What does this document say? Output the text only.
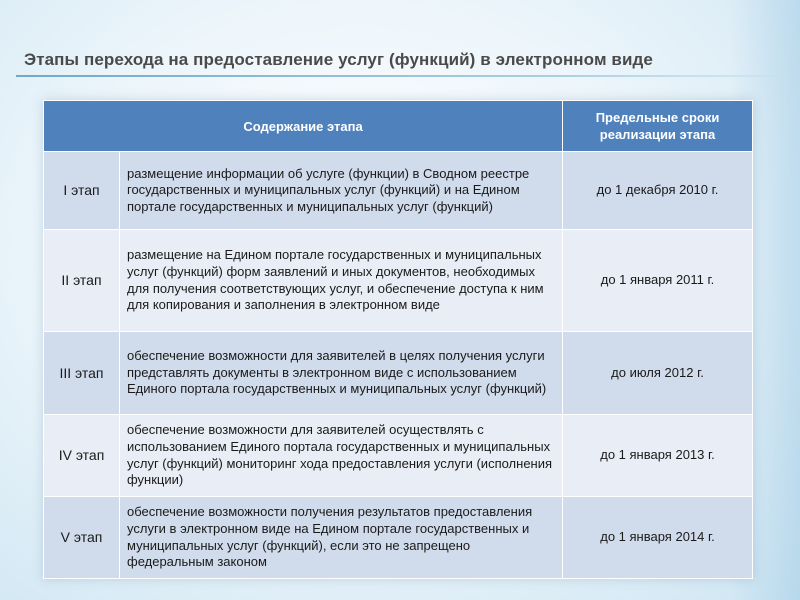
Этапы перехода на предоставление услуг (функций) в электронном виде
Содержание этапа		Предельные сроки
реализации этапа
I этап	размещение информации об услуге (функции) в Сводном реестре государственных и муниципальных услуг (функций) и на Едином портале государственных и муниципальных услуг (функций)	до 1 декабря 2010 г.
II этап	размещение на Едином портале государственных и муниципальных услуг (функций) форм заявлений и иных документов, необходимых для получения соответствующих услуг, и обеспечение доступа к ним для копирования и заполнения в электронном виде	до 1 января 2011 г.
III этап	обеспечение возможности для заявителей в целях получения услуги представлять документы в электронном виде с использованием Единого портала государственных и муниципальных услуг (функций)	до июля 2012 г.
IV этап	обеспечение возможности для заявителей осуществлять с использованием Единого портала государственных и муниципальных услуг (функций) мониторинг хода предоставления услуги (исполнения функции)	до 1 января 2013 г.
V этап	обеспечение возможности получения результатов предоставления услуги в электронном виде на Едином портале государственных и муниципальных услуг (функций), если это не запрещено федеральным законом	до 1 января 2014 г.
